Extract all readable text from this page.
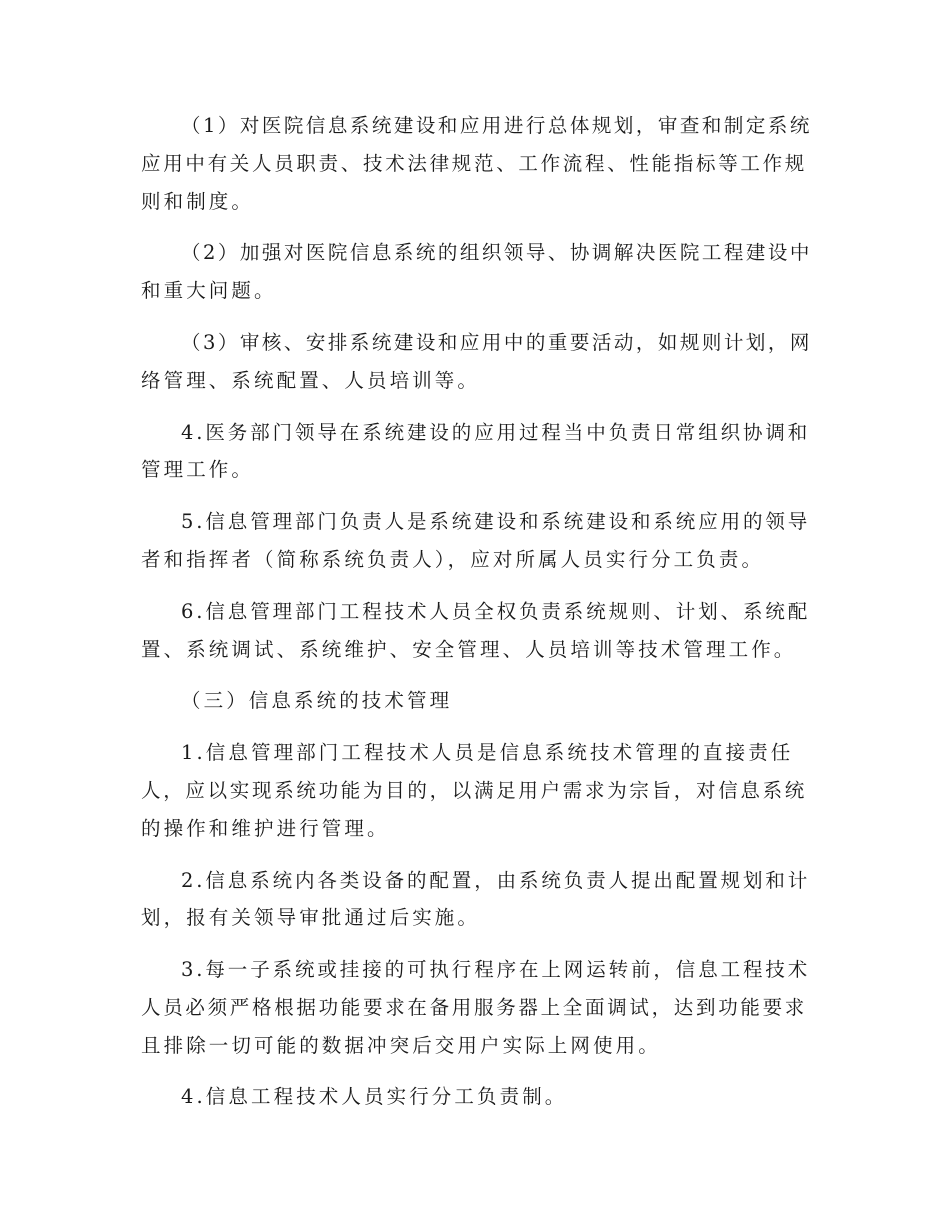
（1）对医院信息系统建设和应用进行总体规划，审查和制定系统

应用中有关人员职责、技术法律规范、工作流程、性能指标等工作规

则和制度。

（2）加强对医院信息系统的组织领导、协调解决医院工程建设中

和重大问题。

（3）审核、安排系统建设和应用中的重要活动，如规则计划，网

络管理、系统配置、人员培训等。

4.医务部门领导在系统建设的应用过程当中负责日常组织协调和

管理工作。

5.信息管理部门负责人是系统建设和系统建设和系统应用的领导

者和指挥者（简称系统负责人），应对所属人员实行分工负责。

6.信息管理部门工程技术人员全权负责系统规则、计划、系统配

置、系统调试、系统维护、安全管理、人员培训等技术管理工作。

（三）信息系统的技术管理

1.信息管理部门工程技术人员是信息系统技术管理的直接责任

人，应以实现系统功能为目的，以满足用户需求为宗旨，对信息系统

的操作和维护进行管理。

2.信息系统内各类设备的配置，由系统负责人提出配置规划和计

划，报有关领导审批通过后实施。

3.每一子系统或挂接的可执行程序在上网运转前，信息工程技术

人员必须严格根据功能要求在备用服务器上全面调试，达到功能要求

且排除一切可能的数据冲突后交用户实际上网使用。

4.信息工程技术人员实行分工负责制。
